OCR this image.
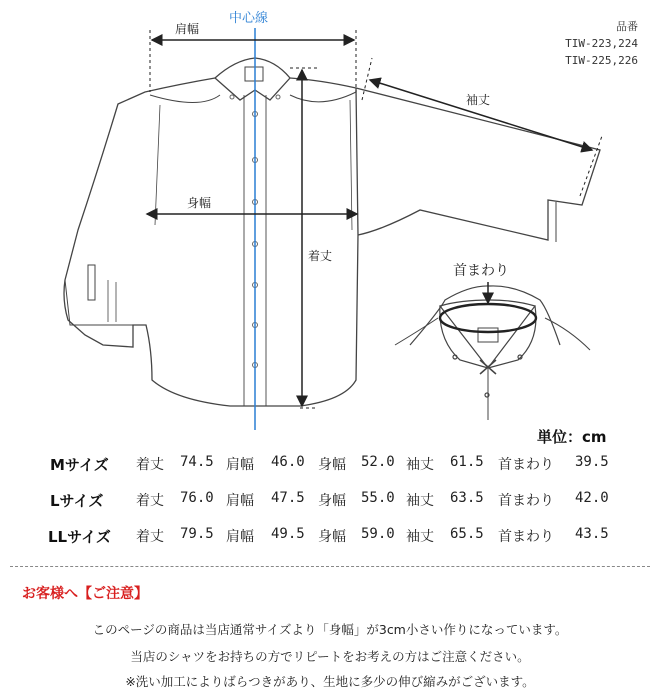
中心線
肩幅
袖丈
身幅
着丈
首まわり
品番
TIW-223,224
TIW-225,226
単位：cm
Mサイズ 着丈 74.5 肩幅 46.0 身幅 52.0 袖丈 61.5 首まわり 39.5
Lサイズ 着丈 76.0 肩幅 47.5 身幅 55.0 袖丈 63.5 首まわり 42.0
LLサイズ 着丈 79.5 肩幅 49.5 身幅 59.0 袖丈 65.5 首まわり 43.5
お客様へ【ご注意】
このページの商品は当店通常サイズより「身幅」が3cm小さい作りになっています。
当店のシャツをお持ちの方でリピートをお考えの方はご注意ください。
※洗い加工によりばらつきがあり、生地に多少の伸び縮みがございます。
